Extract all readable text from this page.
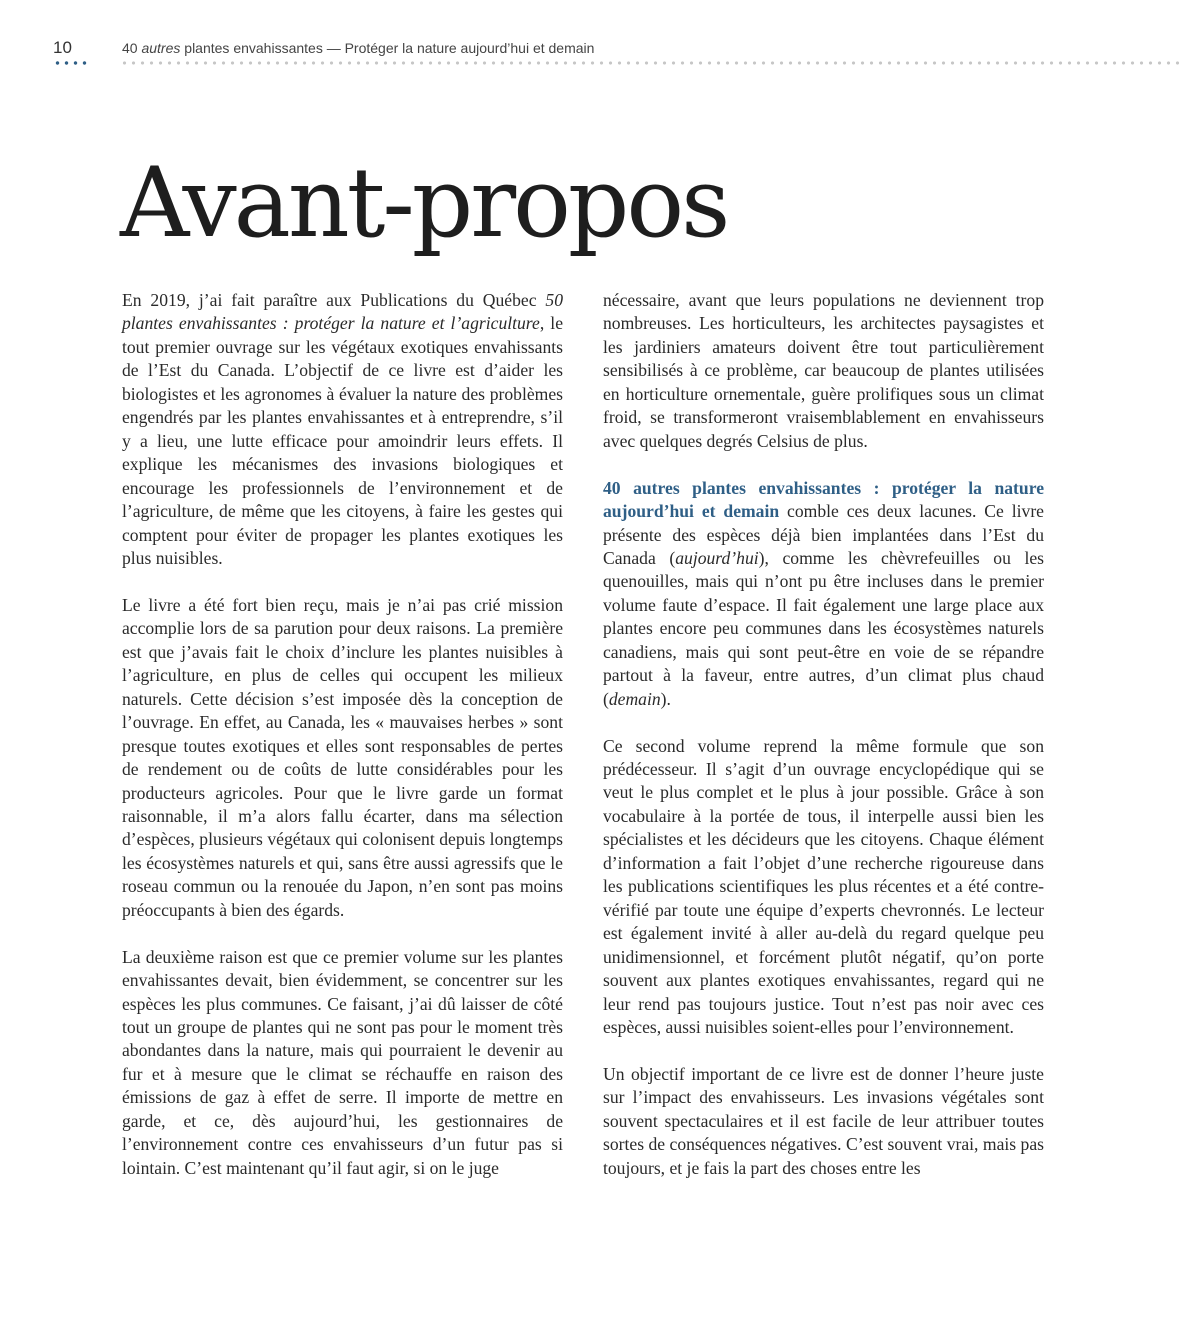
10	40 autres plantes envahissantes — Protéger la nature aujourd’hui et demain
Avant-propos

En 2019, j’ai fait paraître aux Publications du Québec 50 plantes envahissantes : protéger la nature et l’agriculture, le tout premier ouvrage sur les végétaux exotiques envahissants de l’Est du Canada. L’objectif de ce livre est d’aider les biologistes et les agronomes à évaluer la nature des problèmes engendrés par les plantes envahissantes et à entreprendre, s’il y a lieu, une lutte efficace pour amoindrir leurs effets. Il explique les mécanismes des invasions biologiques et encourage les professionnels de l’environnement et de l’agriculture, de même que les citoyens, à faire les gestes qui comptent pour éviter de propager les plantes exotiques les plus nuisibles.

Le livre a été fort bien reçu, mais je n’ai pas crié mission accomplie lors de sa parution pour deux raisons. La première est que j’avais fait le choix d’inclure les plantes nuisibles à l’agriculture, en plus de celles qui occupent les milieux naturels. Cette décision s’est imposée dès la conception de l’ouvrage. En effet, au Canada, les « mauvaises herbes » sont presque toutes exotiques et elles sont responsables de pertes de rendement ou de coûts de lutte considérables pour les producteurs agricoles. Pour que le livre garde un format raisonnable, il m’a alors fallu écarter, dans ma sélection d’espèces, plusieurs végétaux qui colonisent depuis longtemps les écosystèmes naturels et qui, sans être aussi agressifs que le roseau commun ou la renouée du Japon, n’en sont pas moins préoccupants à bien des égards.

La deuxième raison est que ce premier volume sur les plantes envahissantes devait, bien évidemment, se concentrer sur les espèces les plus communes. Ce faisant, j’ai dû laisser de côté tout un groupe de plantes qui ne sont pas pour le moment très abondantes dans la nature, mais qui pourraient le devenir au fur et à mesure que le climat se réchauffe en raison des émissions de gaz à effet de serre. Il importe de mettre en garde, et ce, dès aujourd’hui, les gestionnaires de l’environnement contre ces envahisseurs d’un futur pas si lointain. C’est maintenant qu’il faut agir, si on le juge

nécessaire, avant que leurs populations ne deviennent trop nombreuses. Les horticulteurs, les architectes paysagistes et les jardiniers amateurs doivent être tout particulièrement sensibilisés à ce problème, car beaucoup de plantes utilisées en horticulture ornementale, guère prolifiques sous un climat froid, se transformeront vraisemblablement en envahisseurs avec quelques degrés Celsius de plus.

40 autres plantes envahissantes : protéger la nature aujourd’hui et demain comble ces deux lacunes. Ce livre présente des espèces déjà bien implantées dans l’Est du Canada (aujourd’hui), comme les chèvrefeuilles ou les quenouilles, mais qui n’ont pu être incluses dans le premier volume faute d’espace. Il fait également une large place aux plantes encore peu communes dans les écosystèmes naturels canadiens, mais qui sont peut-être en voie de se répandre partout à la faveur, entre autres, d’un climat plus chaud (demain).

Ce second volume reprend la même formule que son prédécesseur. Il s’agit d’un ouvrage encyclopédique qui se veut le plus complet et le plus à jour possible. Grâce à son vocabulaire à la portée de tous, il interpelle aussi bien les spécialistes et les décideurs que les citoyens. Chaque élément d’information a fait l’objet d’une recherche rigoureuse dans les publications scientifiques les plus récentes et a été contre-vérifié par toute une équipe d’experts chevronnés. Le lecteur est également invité à aller au-delà du regard quelque peu unidimensionnel, et forcément plutôt négatif, qu’on porte souvent aux plantes exotiques envahissantes, regard qui ne leur rend pas toujours justice. Tout n’est pas noir avec ces espèces, aussi nuisibles soient-elles pour l’environnement.

Un objectif important de ce livre est de donner l’heure juste sur l’impact des envahisseurs. Les invasions végétales sont souvent spectaculaires et il est facile de leur attribuer toutes sortes de conséquences négatives. C’est souvent vrai, mais pas toujours, et je fais la part des choses entre les
